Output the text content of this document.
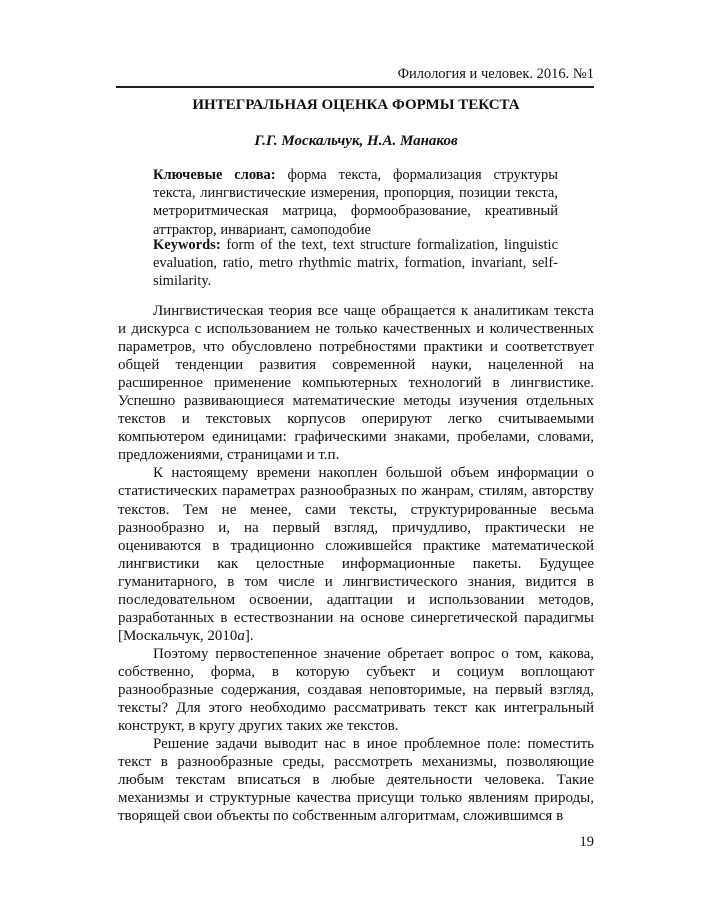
Филология и человек. 2016. №1
ИНТЕГРАЛЬНАЯ ОЦЕНКА ФОРМЫ ТЕКСТА
Г.Г. Москальчук, Н.А. Манаков
Ключевые слова: форма текста, формализация структуры текста, лингвистические измерения, пропорция, позиции текста, метроритмическая матрица, формообразование, креативный аттрактор, инвариант, самоподобие
Keywords: form of the text, text structure formalization, linguistic evaluation, ratio, metro rhythmic matrix, formation, invariant, self-similarity.

Лингвистическая теория все чаще обращается к аналитикам текста и дискурса с использованием не только качественных и количественных параметров, что обусловлено потребностями практики и соответствует общей тенденции развития современной науки, нацеленной на расширенное применение компьютерных технологий в лингвистике. Успешно развивающиеся математические методы изучения отдельных текстов и текстовых корпусов оперируют легко считываемыми компьютером единицами: графическими знаками, пробелами, словами, предложениями, страницами и т.п.

К настоящему времени накоплен большой объем информации о статистических параметрах разнообразных по жанрам, стилям, авторству текстов. Тем не менее, сами тексты, структурированные весьма разнообразно и, на первый взгляд, причудливо, практически не оцениваются в традиционно сложившейся практике математической лингвистики как целостные информационные пакеты. Будущее гуманитарного, в том числе и лингвистического знания, видится в последовательном освоении, адаптации и использовании методов, разработанных в естествознании на основе синергетической парадигмы [Москальчук, 2010а].

Поэтому первостепенное значение обретает вопрос о том, какова, собственно, форма, в которую субъект и социум воплощают разнообразные содержания, создавая неповторимые, на первый взгляд, тексты? Для этого необходимо рассматривать текст как интегральный конструкт, в кругу других таких же текстов.

Решение задачи выводит нас в иное проблемное поле: поместить текст в разнообразные среды, рассмотреть механизмы, позволяющие любым текстам вписаться в любые деятельности человека. Такие механизмы и структурные качества присущи только явлениям природы, творящей свои объекты по собственным алгоритмам, сложившимся в

19
